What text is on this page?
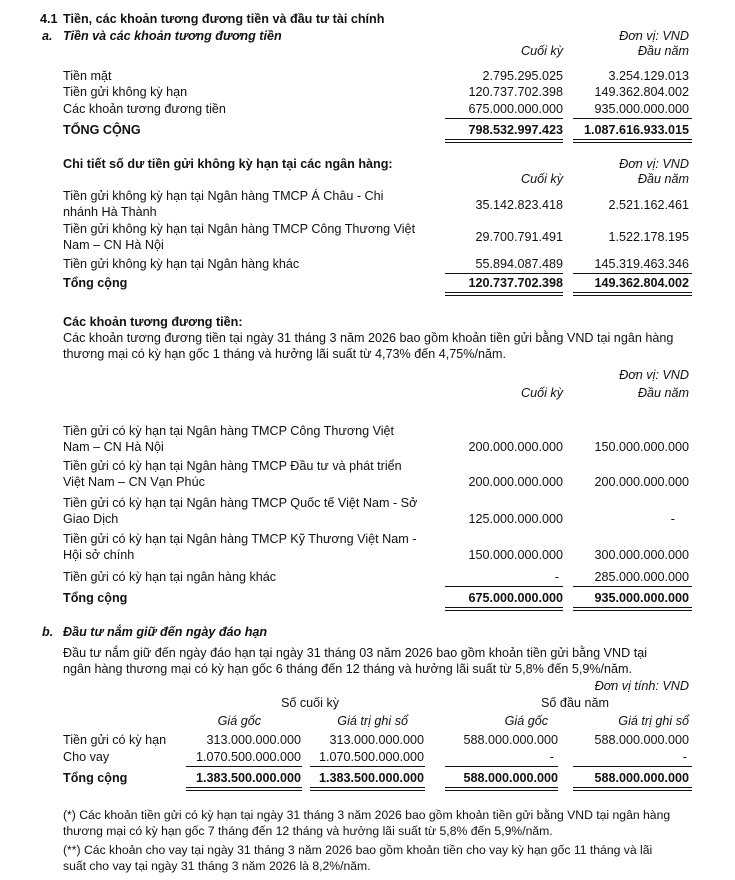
4.1 Tiền, các khoản tương đương tiền và đầu tư tài chính
a. Tiền và các khoản tương đương tiền	Đơn vị: VND
Cuối kỳ	Đầu năm
Tiền mặt	2.795.295.025	3.254.129.013
Tiền gửi không kỳ hạn	120.737.702.398 149.362.804.002
Các khoản tương đương tiền	675.000.000.000 935.000.000.000
TỔNG CỘNG	798.532.997.423 1.087.616.933.015
Chi tiết số dư tiền gửi không kỳ hạn tại các ngân hàng:	Đơn vị: VND
Cuối kỳ	Đầu năm
Tiền gửi không kỳ hạn tại Ngân hàng TMCP Á Châu - Chi
nhánh Hà Thành	35.142.823.418	2.521.162.461
Tiền gửi không kỳ hạn tại Ngân hàng TMCP Công Thương Việt
Nam – CN Hà Nội
29.700.791.491	1.522.178.195
Tiền gửi không kỳ hạn tại Ngân hàng khác	55.894.087.489 145.319.463.346
Tổng cộng	120.737.702.398 149.362.804.002
Các khoản tương đương tiền:
Các khoản tương đương tiền tại ngày 31 tháng 3 năm 2026 bao gồm khoản tiền gửi bằng VND tại ngân hàng
thương mại có kỳ hạn gốc 1 tháng và hưởng lãi suất từ 4,73% đến 4,75%/năm.
Đơn vị: VND
Cuối kỳ	Đầu năm
Tiền gửi có kỳ hạn tại Ngân hàng TMCP Công Thương Việt
Nam – CN Hà Nội	200.000.000.000 150.000.000.000
Tiền gửi có kỳ hạn tại Ngân hàng TMCP Đầu tư và phát triển
Việt Nam – CN Vạn Phúc	200.000.000.000 200.000.000.000
Tiền gửi có kỳ hạn tại Ngân hàng TMCP Quốc tế Việt Nam - Sở
Giao Dịch	125.000.000.000	-
Tiền gửi có kỳ hạn tại Ngân hàng TMCP Kỹ Thương Việt Nam -
Hội sở chính	150.000.000.000 300.000.000.000
Tiền gửi có kỳ hạn tại ngân hàng khác	-	285.000.000.000
Tổng cộng	675.000.000.000 935.000.000.000
b. Đầu tư nắm giữ đến ngày đáo hạn
Đầu tư nắm giữ đến ngày đáo hạn tại ngày 31 tháng 03 năm 2026 bao gồm khoản tiền gửi bằng VND tại
ngân hàng thương mại có kỳ hạn gốc 6 tháng đến 12 tháng và hưởng lãi suất từ 5,8% đến 5,9%/năm.
Đơn vị tính: VND
Số cuối kỳ	Số đầu năm
Giá gốc	Giá trị ghi sổ	Giá gốc	Giá trị ghi sổ
Tiền gửi có kỳ hạn	313.000.000.000 313.000.000.000	588.000.000.000	588.000.000.000
Cho vay	1.070.500.000.000 1.070.500.000.000	-	-
Tổng cộng	1.383.500.000.000 1.383.500.000.000	588.000.000.000	588.000.000.000
(*) Các khoản tiền gửi có kỳ hạn tại ngày 31 tháng 3 năm 2026 bao gồm khoản tiền gửi bằng VND tại ngân hàng
thương mại có kỳ hạn gốc 7 tháng đến 12 tháng và hưởng lãi suất từ 5,8% đến 5,9%/năm.
(**) Các khoản cho vay tại ngày 31 tháng 3 năm 2026 bao gồm khoản tiền cho vay kỳ hạn gốc 11 tháng và lãi
suất cho vay tại ngày 31 tháng 3 năm 2026 là 8,2%/năm.
